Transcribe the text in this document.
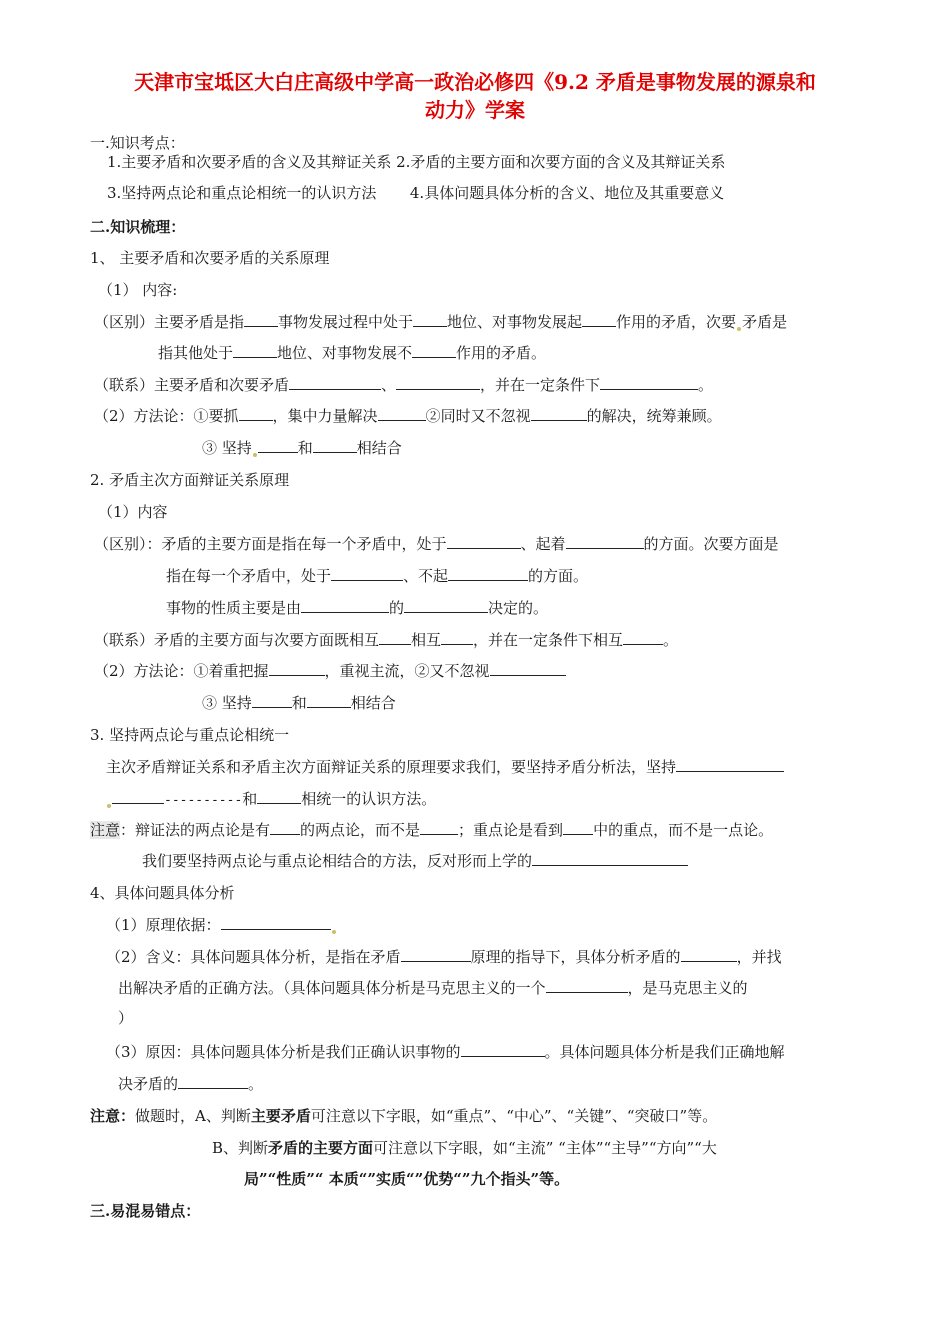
天津市宝坻区大白庄高级中学高一政治必修四《9.2 矛盾是事物发展的源泉和
动力》学案
一.知识考点：
1.主要矛盾和次要矛盾的含义及其辩证关系 2.矛盾的主要方面和次要方面的含义及其辩证关系
3.坚持两点论和重点论相统一的认识方法 4.具体问题具体分析的含义、地位及其重要意义
二.知识梳理：
1、 主要矛盾和次要矛盾的关系原理
（1） 内容:
（区别）主要矛盾是指 事物发展过程中处于 地位、对事物发展起 作用的矛盾，次要 矛盾是
指其他处于	地位、对事物发展不	作用的矛盾。
（联系）主要矛盾和次要矛盾	、	，并在一定条件下	。
（2）方法论：①要抓 ，集中力量解决	②同时又不忽视	的解决，统筹兼顾。
③ 坚持	和	相结合
2. 矛盾主次方面辩证关系原理
（1）内容
（区别）：矛盾的主要方面是指在每一个矛盾中，处于	、起着	的方面。次要方面是
指在每一个矛盾中，处于	、不起	的方面。
事物的性质主要是由	的	决定的。
（联系）矛盾的主要方面与次要方面既相互 相互 ，并在一定条件下相互	。
（2）方法论：①着重把握	，重视主流，②又不忽视
③ 坚持	和	相结合
3. 坚持两点论与重点论相统一
主次矛盾辩证关系和矛盾主次方面辩证关系的原理要求我们，要坚持矛盾分析法，坚持
----------和	相统一的认识方法。
注意：辩证法的两点论是有 的两点论，而不是	；重点论是看到 中的重点，而不是一点论。
我们要坚持两点论与重点论相结合的方法，反对形而上学的
4、具体问题具体分析
（1）原理依据：
（2）含义：具体问题具体分析，是指在矛盾	原理的指导下，具体分析矛盾的	，并找
出解决矛盾的正确方法。（具体问题具体分析是马克思主义的一个	，是马克思主义的
）
（3）原因：具体问题具体分析是我们正确认识事物的	。具体问题具体分析是我们正确地解
决矛盾的	。
注意：做题时，A、判断主要矛盾可注意以下字眼，如“重点”、“中心”、“关键”、“突破口”等。
B、判断矛盾的主要方面可注意以下字眼，如“主流” “主体”“主导”“方向”“大
局”“性质”“ 本质“”实质“”优势“”九个指头”等。
三.易混易错点：
